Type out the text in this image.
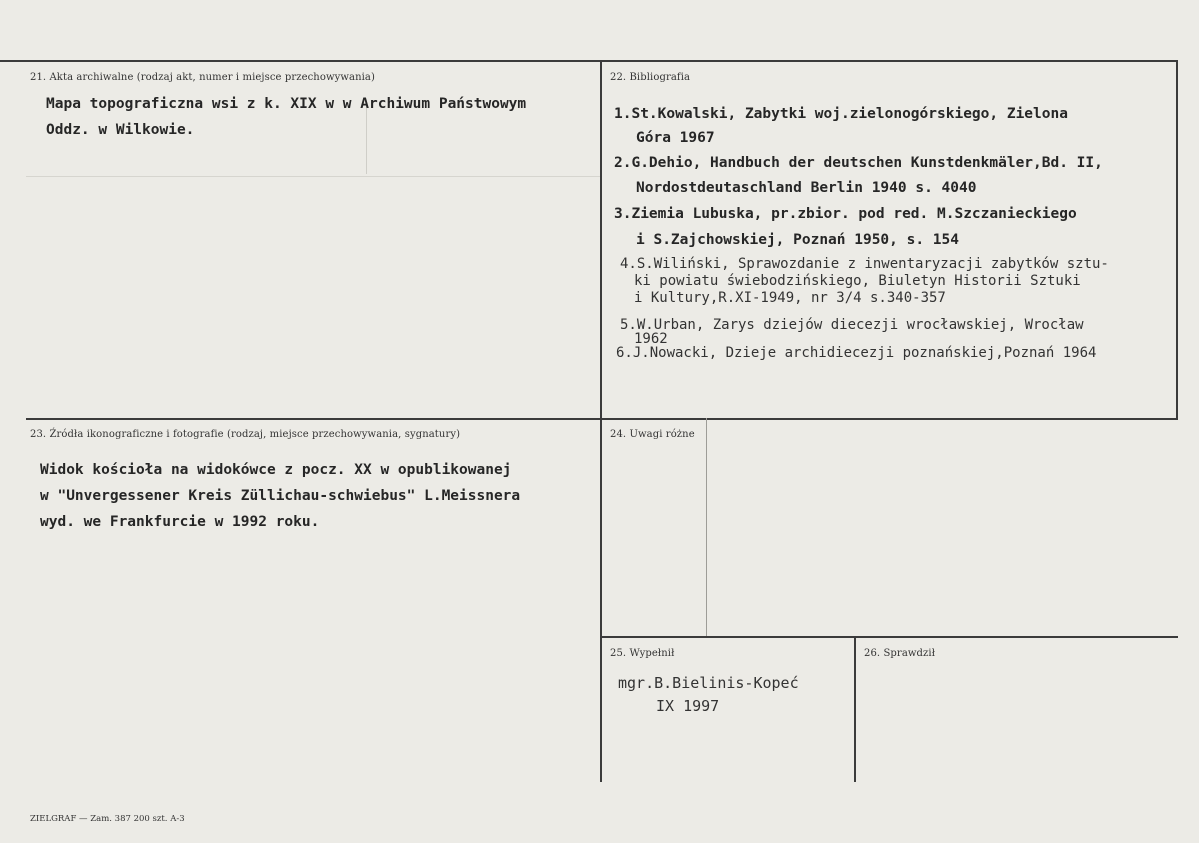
21. Akta archiwalne (rodzaj akt, numer i miejsce przechowywania)
Mapa topograficzna wsi z k. XIX w w Archiwum Państwowym
Oddz. w Wilkowie.
22. Bibliografia
1.St.Kowalski, Zabytki woj.zielonogórskiego, Zielona
Góra 1967
2.G.Dehio, Handbuch der deutschen Kunstdenkmäler,Bd. II,
Nordostdeutaschland Berlin 1940 s. 4040
3.Ziemia Lubuska, pr.zbior. pod red. M.Szczanieckiego
i S.Zajchowskiej, Poznań 1950, s. 154
4.S.Wiliński, Sprawozdanie z inwentaryzacji zabytków sztu-
ki powiatu świebodzińskiego, Biuletyn Historii Sztuki
i Kultury,R.XI-1949, nr 3/4 s.340-357
5.W.Urban, Zarys dziejów diecezji wrocławskiej, Wrocław
1962
6.J.Nowacki, Dzieje archidiecezji poznańskiej,Poznań 1964
23. Źródła ikonograficzne i fotografie (rodzaj, miejsce przechowywania, sygnatury)
Widok kościoła na widokówce z pocz. XX w opublikowanej
w "Unvergessener Kreis Züllichau-schwiebus" L.Meissnera
wyd. we Frankfurcie w 1992 roku.
24. Uwagi różne
25. Wypełnił
mgr.B.Bielinis-Kopeć
IX 1997
26. Sprawdził
ZIELGRAF — Zam. 387 200 szt. A-3
